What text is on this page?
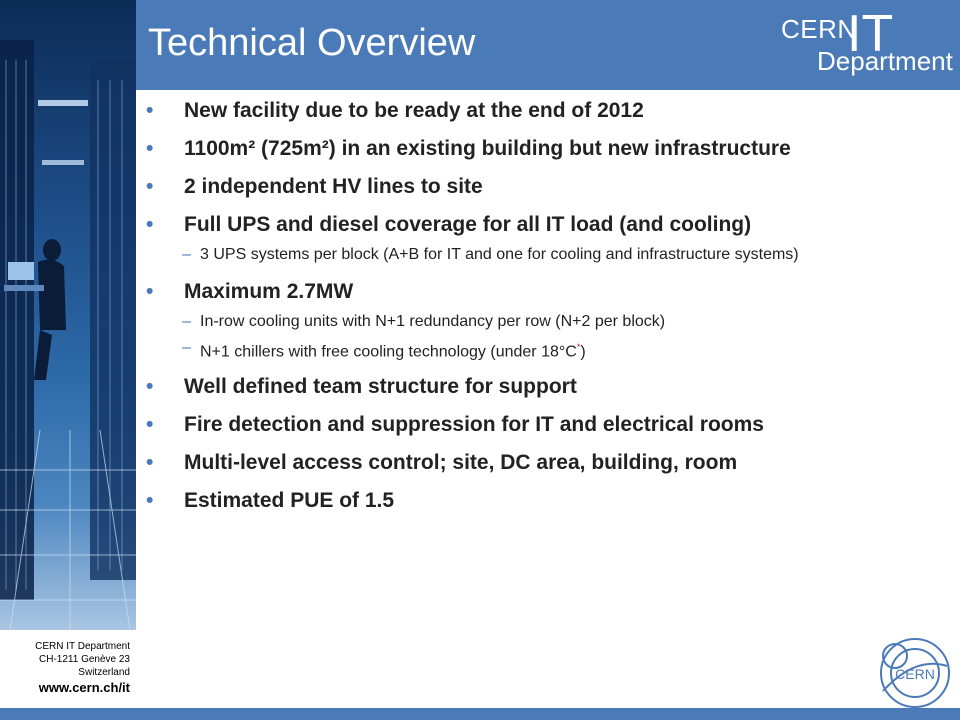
Technical Overview	CERN
IT
Department
• New facility due to be ready at the end of 2012
• 1100m² (725m²) in an existing building but new infrastructure
• 2 independent HV lines to site
• Full UPS and diesel coverage for all IT load (and cooling)
– 3 UPS systems per block (A+B for IT and one for cooling and infrastructure systems)
• Maximum 2.7MW
– In-row cooling units with N+1 redundancy per row (N+2 per block)
– N+1 chillers with free cooling technology (under 18°C*)
• Well defined team structure for support
• Fire detection and suppression for IT and electrical rooms
• Multi-level access control; site, DC area, building, room
• Estimated PUE of 1.5
CERN IT Department
CH-1211 Genève 23
Switzerland
www.cern.ch/it
CERN
